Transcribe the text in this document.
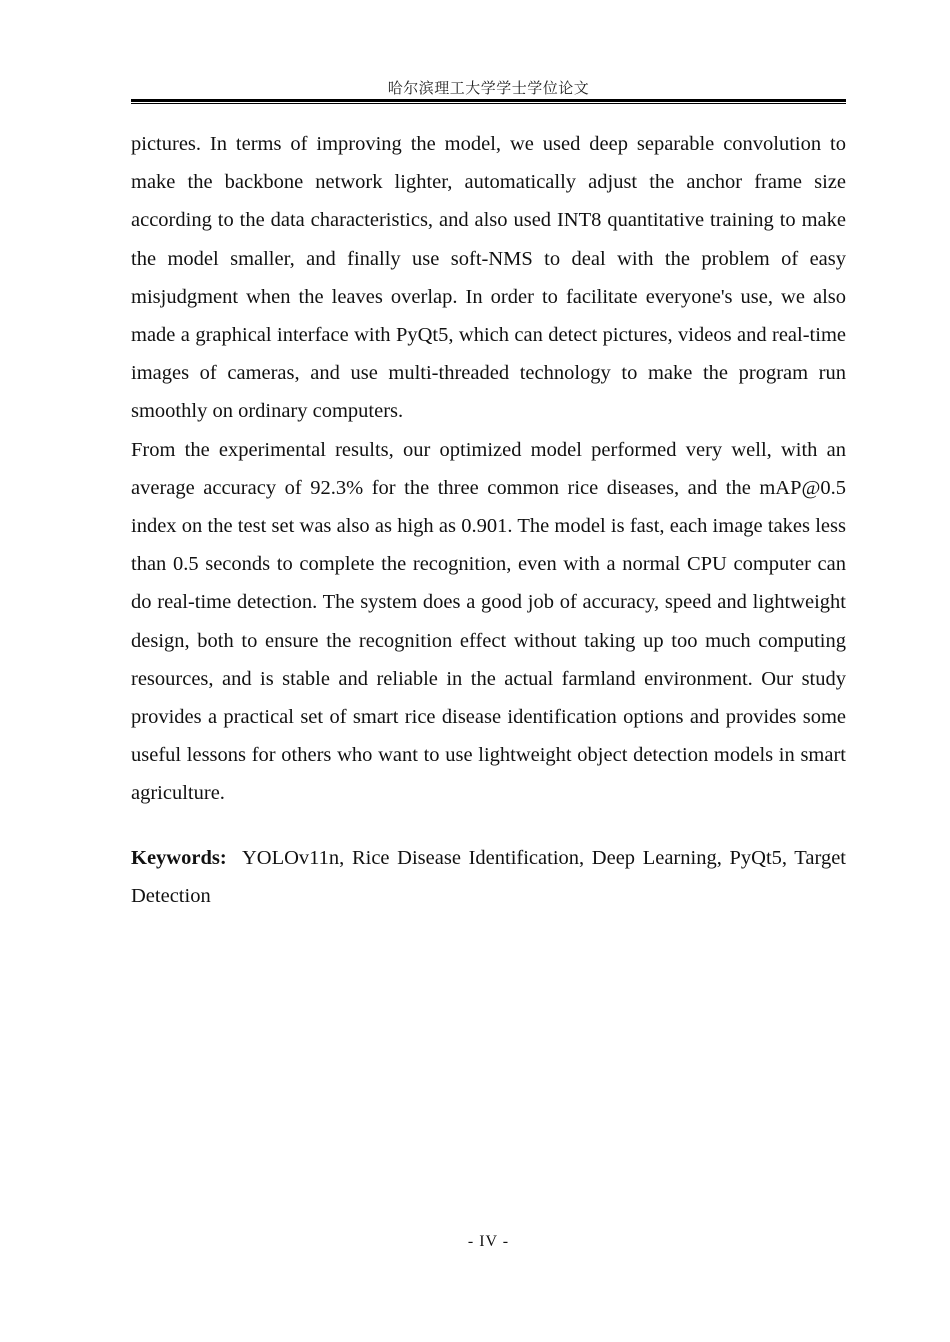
哈尔滨理工大学学士学位论文

pictures. In terms of improving the model, we used deep separable convolution to make the backbone network lighter, automatically adjust the anchor frame size according to the data characteristics, and also used INT8 quantitative training to make the model smaller, and finally use soft-NMS to deal with the problem of easy misjudgment when the leaves overlap. In order to facilitate everyone's use, we also made a graphical interface with PyQt5, which can detect pictures, videos and real-time images of cameras, and use multi-threaded technology to make the program run smoothly on ordinary computers.

From the experimental results, our optimized model performed very well, with an average accuracy of 92.3% for the three common rice diseases, and the mAP@0.5 index on the test set was also as high as 0.901. The model is fast, each image takes less than 0.5 seconds to complete the recognition, even with a normal CPU computer can do real-time detection. The system does a good job of accuracy, speed and lightweight design, both to ensure the recognition effect without taking up too much computing resources, and is stable and reliable in the actual farmland environment. Our study provides a practical set of smart rice disease identification options and provides some useful lessons for others who want to use lightweight object detection models in smart agriculture.

Keywords: YOLOv11n, Rice Disease Identification, Deep Learning, PyQt5, Target Detection

- IV -
